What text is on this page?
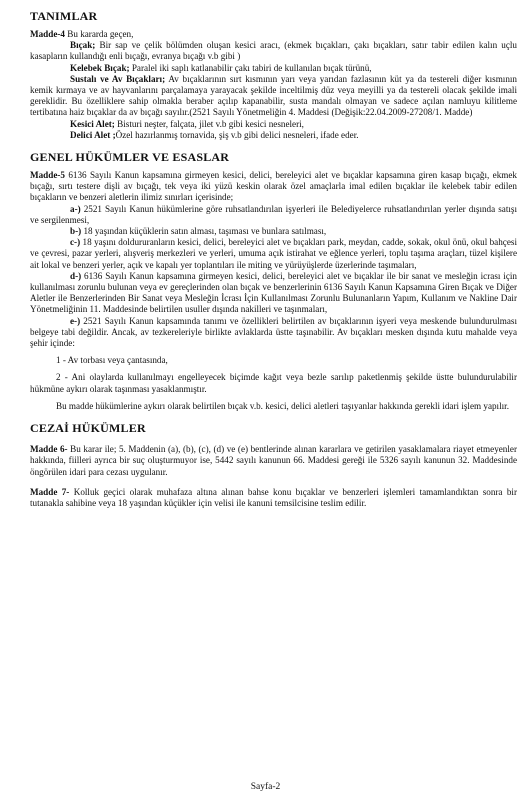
TANIMLAR

Madde-4 Bu kararda geçen,

Bıçak; Bir sap ve çelik bölümden oluşan kesici aracı, (ekmek bıçakları, çakı bıçakları, satır tabir edilen kalın uçlu kasapların kullandığı enli bıçağı, evranya bıçağı v.b gibi )

Kelebek Bıçak; Paralel iki saplı katlanabilir çakı tabiri de kullanılan bıçak türünü,

Sustalı ve Av Bıçakları; Av bıçaklarının sırt kısmının yarı veya yarıdan fazlasının küt ya da testereli diğer kısmının kemik kırmaya ve av hayvanlarını parçalamaya yarayacak şekilde inceltilmiş düz veya meyilli ya da testereli olacak şekilde imali gereklidir. Bu özelliklere sahip olmakla beraber açılıp kapanabilir, susta mandalı olmayan ve sadece açılan namluyu kilitleme tertibatına haiz bıçaklar da av bıçağı sayılır.(2521 Sayılı Yönetmeliğin 4. Maddesi (Değişik:22.04.2009-27208/1. Madde)

Kesici Alet; Bisturi neşter, falçata, jilet v.b gibi kesici nesneleri,

Delici Alet ;Özel hazırlanmış tornavida, şiş v.b gibi delici nesneleri, ifade eder.

GENEL HÜKÜMLER VE ESASLAR

Madde-5 6136 Sayılı Kanun kapsamına girmeyen kesici, delici, bereleyici alet ve bıçaklar kapsamına giren kasap bıçağı, ekmek bıçağı, sırtı testere dişli av bıçağı, tek veya iki yüzü keskin olarak özel amaçlarla imal edilen bıçaklar ile kelebek tabir edilen bıçakların ve benzeri aletlerin ilimiz sınırları içerisinde;

a-) 2521 Sayılı Kanun hükümlerine göre ruhsatlandırılan işyerleri ile Belediyelerce ruhsatlandırılan yerler dışında satışı ve sergilenmesi,

b-) 18 yaşından küçüklerin satın alması, taşıması ve bunlara satılması,

c-) 18 yaşını doldururanların kesici, delici, bereleyici alet ve bıçakları park, meydan, cadde, sokak, okul önü, okul bahçesi ve çevresi, pazar yerleri, alışveriş merkezleri ve yerleri, umuma açık istirahat ve eğlence yerleri, toplu taşıma araçları, tüzel kişilere ait lokal ve benzeri yerler, açık ve kapalı yer toplantıları ile miting ve yürüyüşlerde üzerlerinde taşımaları,

d-) 6136 Sayılı Kanun kapsamına girmeyen kesici, delici, bereleyici alet ve bıçaklar ile bir sanat ve mesleğin icrası için kullanılması zorunlu bulunan veya ev gereçlerinden olan bıçak ve benzerlerinin 6136 Sayılı Kanun Kapsamına Giren Bıçak ve Diğer Aletler ile Benzerlerinden Bir Sanat veya Mesleğin İcrası İçin Kullanılması Zorunlu Bulunanların Yapım, Kullanım ve Nakline Dair Yönetmeliğinin 11. Maddesinde belirtilen usuller dışında nakilleri ve taşınmaları,

e-) 2521 Sayılı Kanun kapsamında tanımı ve özellikleri belirtilen av bıçaklarının işyeri veya meskende bulundurulması belgeye tabi değildir. Ancak, av tezkereleriyle birlikte avlaklarda üstte taşınabilir. Av bıçakları mesken dışında kutu mahalde veya şehir içinde:

1 - Av torbası veya çantasında,

2 - Ani olaylarda kullanılmayı engelleyecek biçimde kağıt veya bezle sarılıp paketlenmiş şekilde üstte bulundurulabilir hükmüne aykırı olarak taşınması yasaklanmıştır.

Bu madde hükümlerine aykırı olarak belirtilen bıçak v.b. kesici, delici aletleri taşıyanlar hakkında gerekli idari işlem yapılır.

CEZAİ HÜKÜMLER

Madde 6- Bu karar ile; 5. Maddenin (a), (b), (c), (d) ve (e) bentlerinde alınan kararlara ve getirilen yasaklamalara riayet etmeyenler hakkında, fiilleri ayrıca bir suç oluşturmuyor ise, 5442 sayılı kanunun 66. Maddesi gereği ile 5326 sayılı kanunun 32. Maddesinde öngörülen idari para cezası uygulanır.

Madde 7- Kolluk geçici olarak muhafaza altına alınan bahse konu bıçaklar ve benzerleri işlemleri tamamlandıktan sonra bir tutanakla sahibine veya 18 yaşından küçükler için velisi ile kanuni temsilcisine teslim edilir.

Sayfa-2
